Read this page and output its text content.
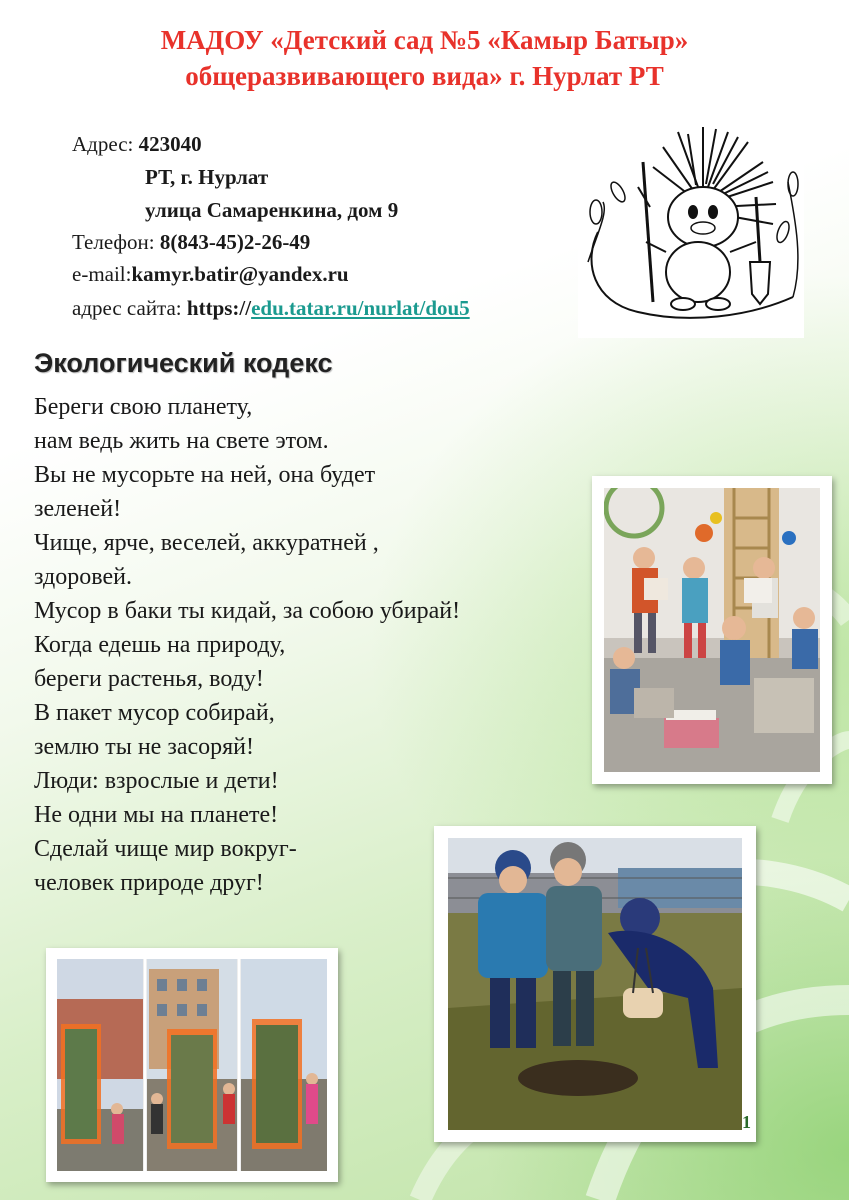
МАДОУ «Детский сад №5 «Камыр Батыр»
общеразвивающего вида» г. Нурлат РТ
Адрес: 423040
РТ, г. Нурлат
улица Самаренкина, дом 9
Телефон: 8(843-45)2-26-49
e-mail:kamyr.batir@yandex.ru
адрес сайта: https://edu.tatar.ru/nurlat/dou5
Экологический кодекс
Береги свою планету,
нам ведь жить на свете этом.
Вы не мусорьте на ней, она будет
зеленей!
Чище, ярче, веселей, аккуратней ,
здоровей.
Мусор в баки ты кидай, за собою убирай!
Когда едешь на природу,
береги растенья, воду!
В пакет мусор собирай,
землю ты не засоряй!
Люди: взрослые и дети!
Не одни мы на планете!
Сделай чище мир вокруг-
человек природе друг!
1
